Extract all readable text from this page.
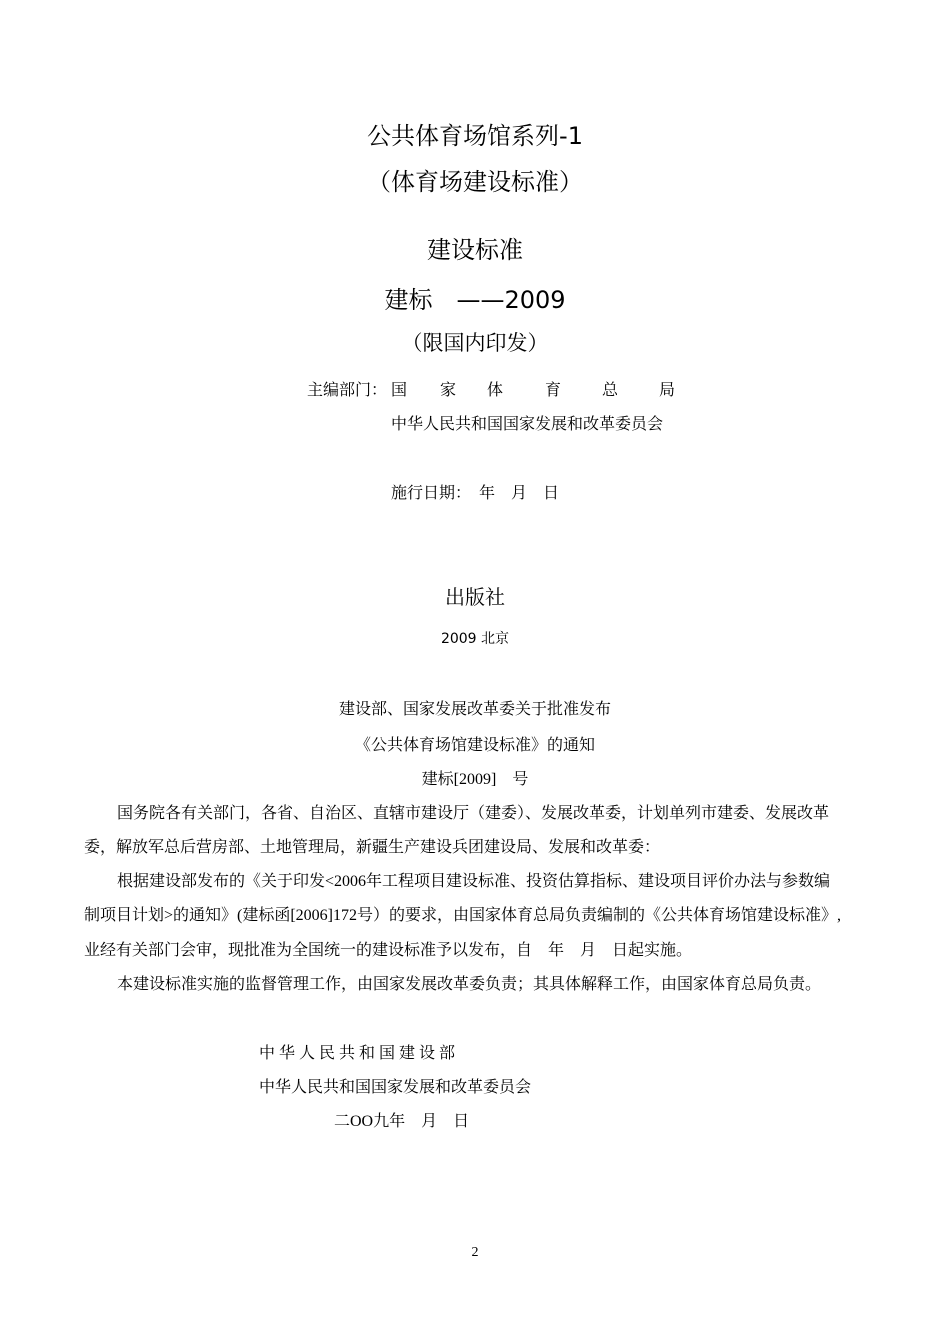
公共体育场馆系列-1
（体育场建设标准）
建设标准
建标　——2009
（限国内印发）
主编部门： 国 家 体	育	总	局
中华人民共和国国家发展和改革委员会
施行日期：　年　月　日
出版社
2009 北京
建设部、国家发展改革委关于批准发布
《公共体育场馆建设标准》的通知
建标[2009]　号
国务院各有关部门，各省、自治区、直辖市建设厅（建委）、发展改革委，计划单列市建委、发展改革
委，解放军总后营房部、土地管理局，新疆生产建设兵团建设局、发展和改革委：
根据建设部发布的《关于印发<2006年工程项目建设标准、投资估算指标、建设项目评价办法与参数编
制项目计划>的通知》(建标函[2006]172号）的要求，由国家体育总局负责编制的《公共体育场馆建设标准》,
业经有关部门会审，现批准为全国统一的建设标准予以发布，自　年　月　日起实施。
本建设标准实施的监督管理工作，由国家发展改革委负责；其具体解释工作，由国家体育总局负责。
中 华 人 民 共 和 国 建 设 部
中华人民共和国国家发展和改革委员会
二OO九年　月　日
2
